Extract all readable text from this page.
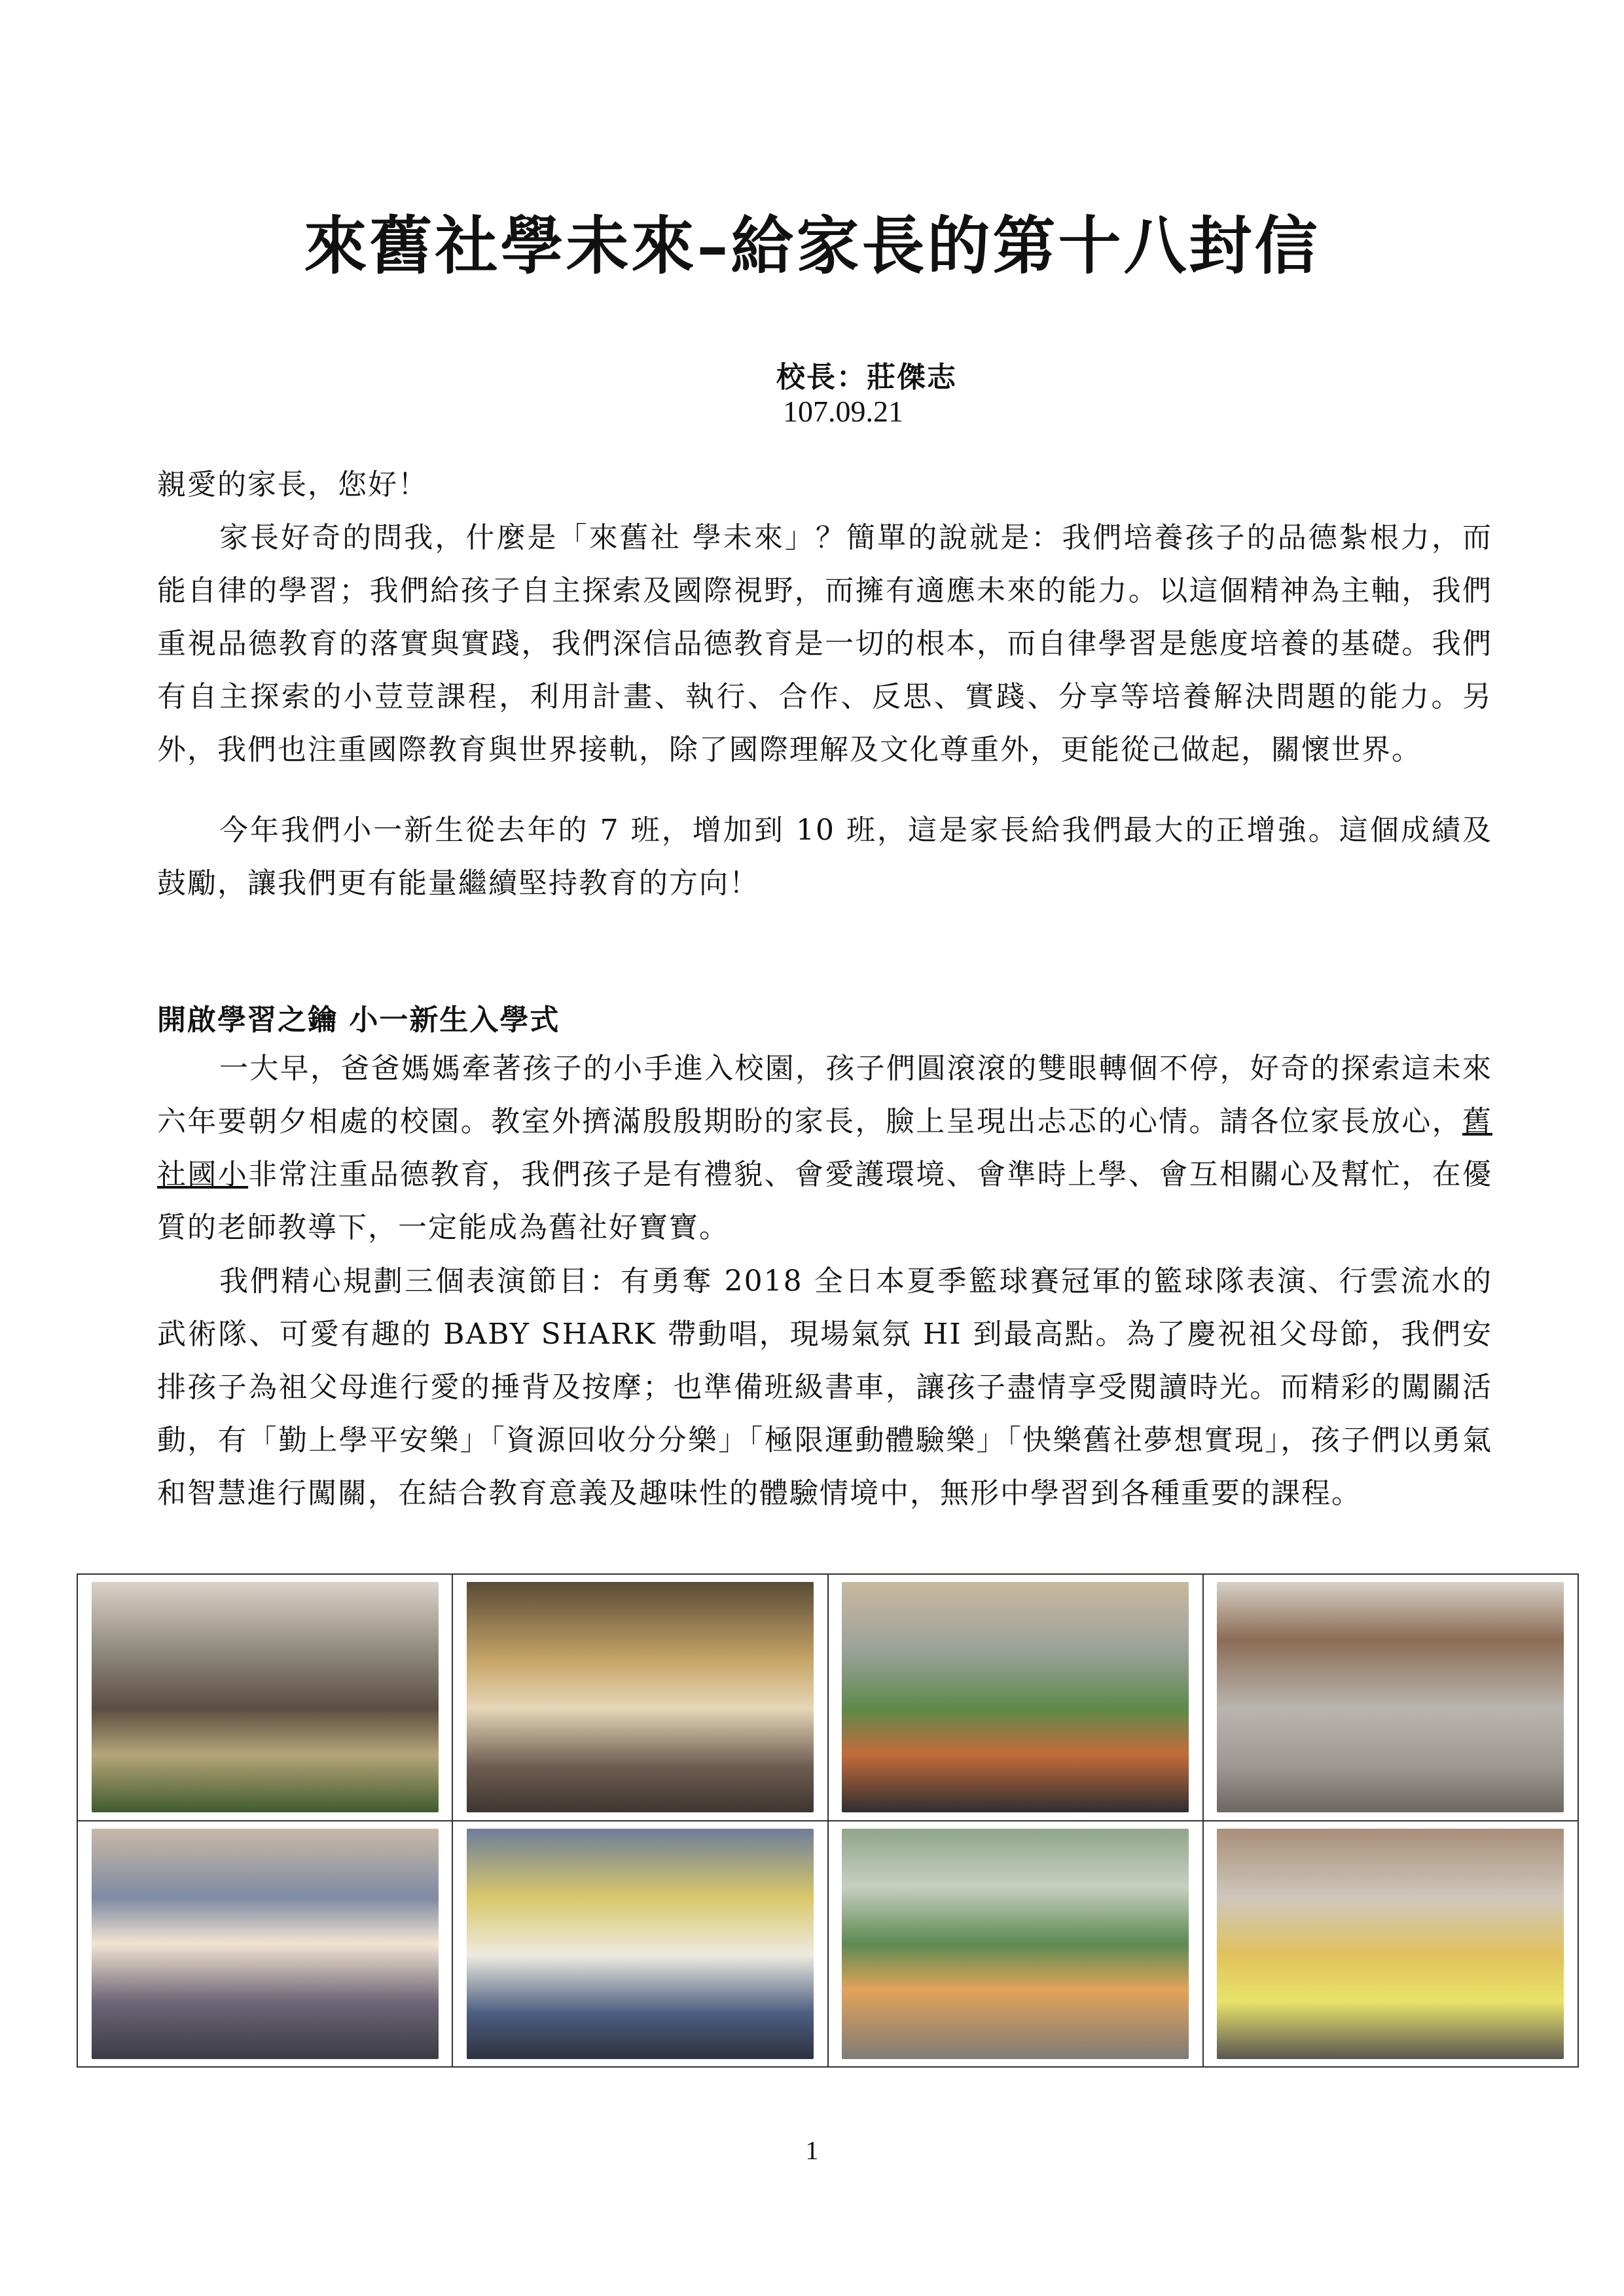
來舊社學未來–給家長的第十八封信
校長：莊傑志
107.09.21

親愛的家長，您好！

家長好奇的問我，什麼是「來舊社 學未來」？簡單的說就是：我們培養孩子的品德紮根力，而能自律的學習；我們給孩子自主探索及國際視野，而擁有適應未來的能力。以這個精神為主軸，我們重視品德教育的落實與實踐，我們深信品德教育是一切的根本，而自律學習是態度培養的基礎。我們有自主探索的小荳荳課程，利用計畫、執行、合作、反思、實踐、分享等培養解決問題的能力。另外，我們也注重國際教育與世界接軌，除了國際理解及文化尊重外，更能從己做起，關懷世界。

今年我們小一新生從去年的 7 班，增加到 10 班，這是家長給我們最大的正增強。這個成績及鼓勵，讓我們更有能量繼續堅持教育的方向！

開啟學習之鑰 小一新生入學式

一大早，爸爸媽媽牽著孩子的小手進入校園，孩子們圓滾滾的雙眼轉個不停，好奇的探索這未來六年要朝夕相處的校園。教室外擠滿殷殷期盼的家長，臉上呈現出忐忑的心情。請各位家長放心，舊社國小非常注重品德教育，我們孩子是有禮貌、會愛護環境、會準時上學、會互相關心及幫忙，在優質的老師教導下，一定能成為舊社好寶寶。

我們精心規劃三個表演節目：有勇奪 2018 全日本夏季籃球賽冠軍的籃球隊表演、行雲流水的武術隊、可愛有趣的 BABY SHARK 帶動唱，現場氣氛 HI 到最高點。為了慶祝祖父母節，我們安排孩子為祖父母進行愛的捶背及按摩；也準備班級書車，讓孩子盡情享受閱讀時光。而精彩的闖關活動，有「勤上學平安樂」「資源回收分分樂」「極限運動體驗樂」「快樂舊社夢想實現」，孩子們以勇氣和智慧進行闖關，在結合教育意義及趣味性的體驗情境中，無形中學習到各種重要的課程。

1
